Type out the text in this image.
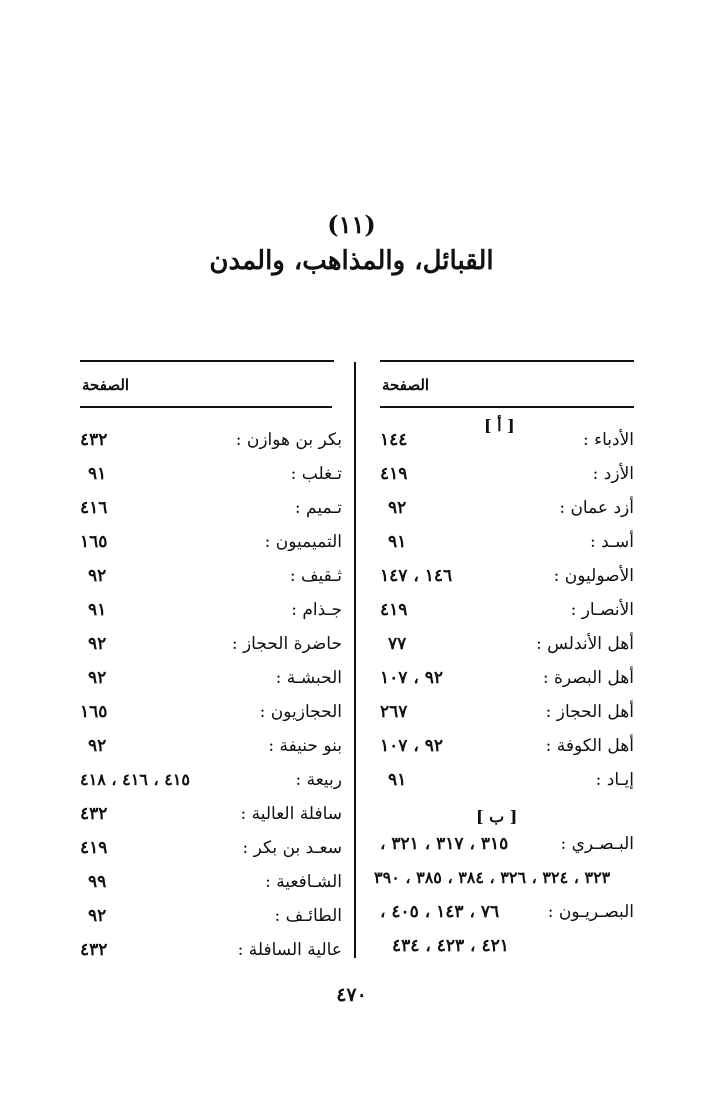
(١١)
القبائل، والمذاهب، والمدن
الصفحة
الصفحة
[ أ ]
الأدباء :
١٤٤
الأزد :
٤١٩
أزد عمان :
٩٢
أسـد :
٩١
الأصوليون :
١٤٦ ، ١٤٧
الأنصـار :
٤١٩
أهل الأندلس :
٧٧
أهل البصرة :
٩٢ ، ١٠٧
أهل الحجاز :
٢٦٧
أهل الكوفة :
٩٢ ، ١٠٧
إيـاد :
٩١
[ ب ]
البـصـري :
٣١٥ ، ٣١٧ ، ٣٢١ ،
٣٢٣ ، ٣٢٤ ، ٣٢٦ ، ٣٨٤ ، ٣٨٥ ، ٣٩٠
البصـريـون :
٧٦ ، ١٤٣ ، ٤٠٥ ،
٤٢١ ، ٤٢٣ ، ٤٣٤
بكر بن هوازن :
٤٣٢
تـغلب :
٩١
تـميم :
٤١٦
التميميون :
١٦٥
ثـقيف :
٩٢
جـذام :
٩١
حاضرة الحجاز :
٩٢
الحبشـة :
٩٢
الحجازيون :
١٦٥
بنو حنيفة :
٩٢
ربيعة :
٤١٥ ، ٤١٦ ، ٤١٨
سافلة العالية :
٤٣٢
سعـد بن بكر :
٤١٩
الشـافعية :
٩٩
الطائـف :
٩٢
عالية السافلة :
٤٣٢
٤٧٠
